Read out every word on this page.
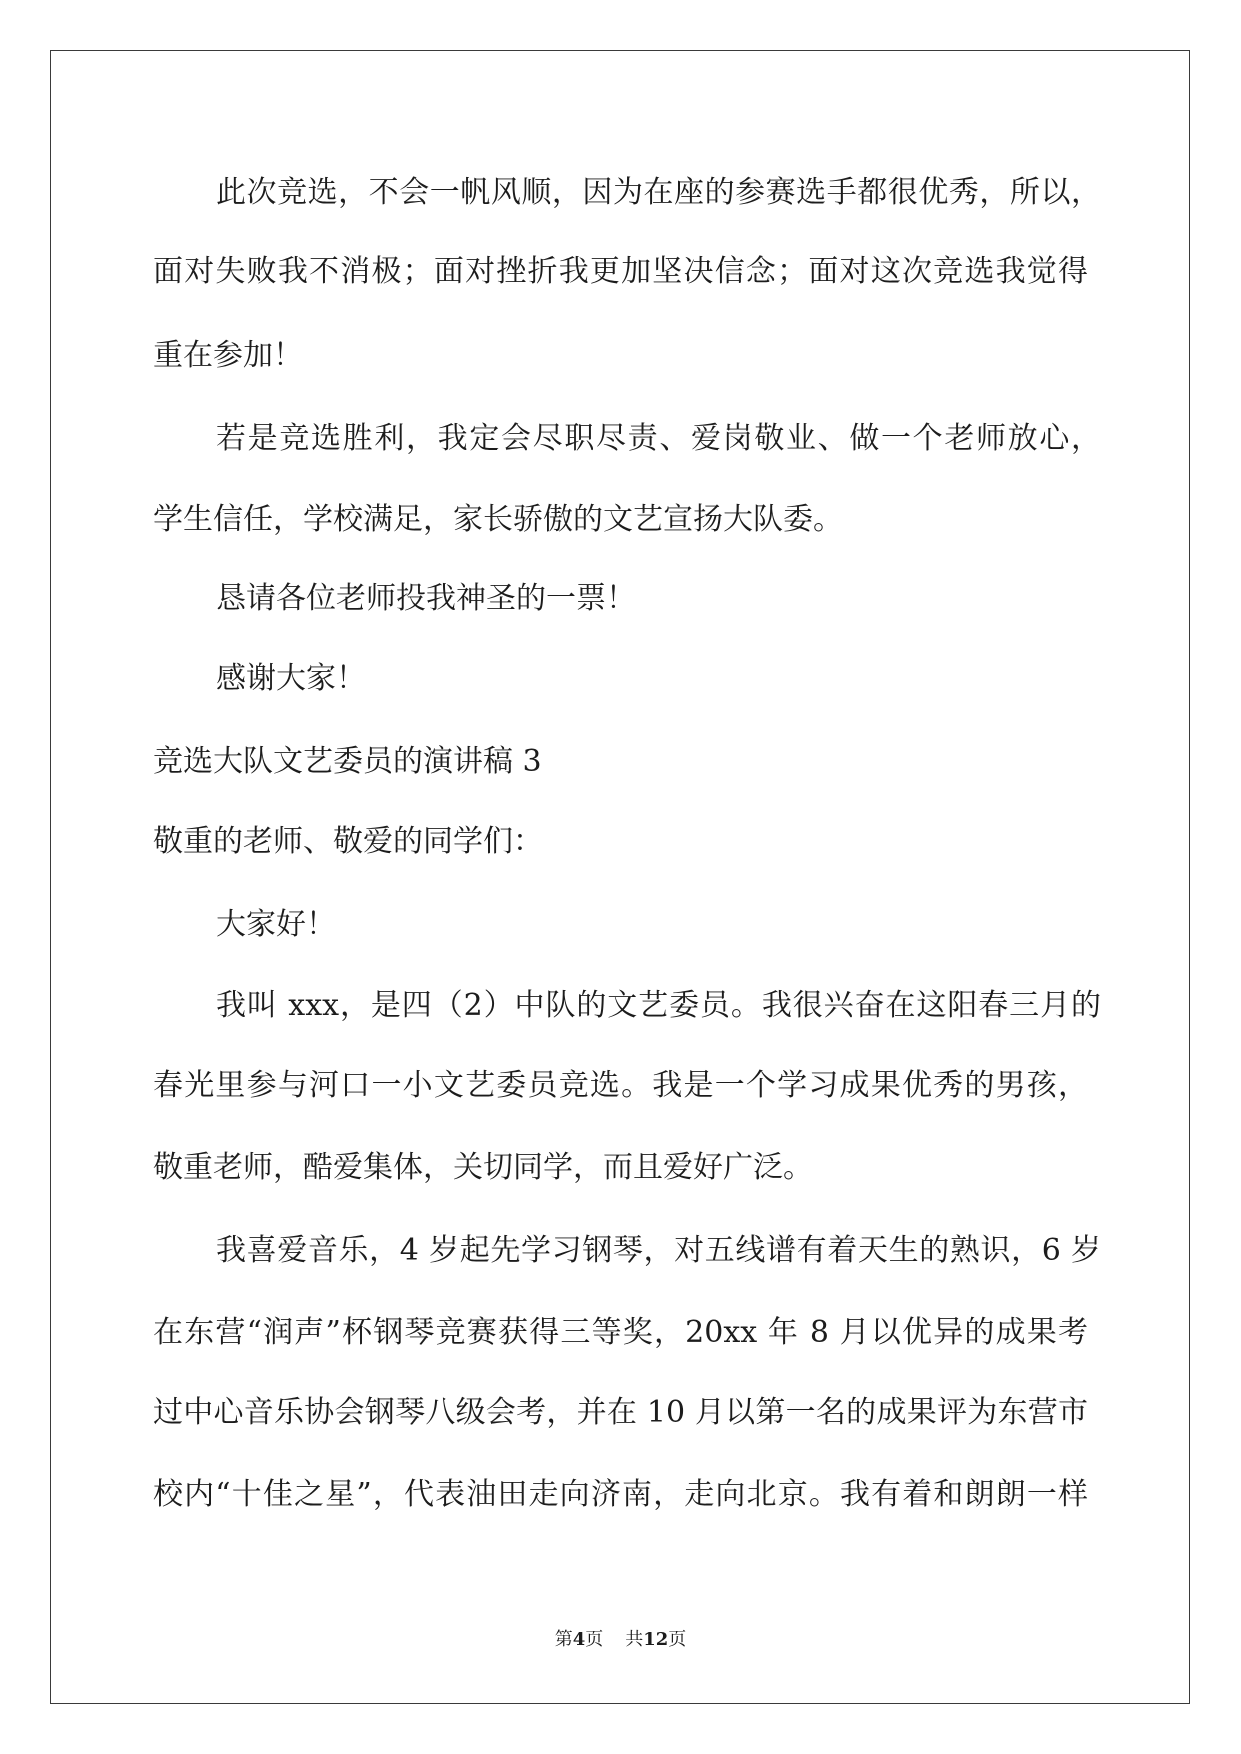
此次竞选，不会一帆风顺，因为在座的参赛选手都很优秀，所以，
面对失败我不消极；面对挫折我更加坚决信念；面对这次竞选我觉得
重在参加！
若是竞选胜利，我定会尽职尽责、爱岗敬业、做一个老师放心，
学生信任，学校满足，家长骄傲的文艺宣扬大队委。
恳请各位老师投我神圣的一票！
感谢大家！
竞选大队文艺委员的演讲稿 3
敬重的老师、敬爱的同学们：
大家好！
我叫 xxx，是四（2）中队的文艺委员。我很兴奋在这阳春三月的
春光里参与河口一小文艺委员竞选。我是一个学习成果优秀的男孩，
敬重老师，酷爱集体，关切同学，而且爱好广泛。
我喜爱音乐，4 岁起先学习钢琴，对五线谱有着天生的熟识，6 岁
在东营“润声”杯钢琴竞赛获得三等奖，20xx 年 8 月以优异的成果考
过中心音乐协会钢琴八级会考，并在 10 月以第一名的成果评为东营市
校内“十佳之星”，代表油田走向济南，走向北京。我有着和朗朗一样
第4页 共12页
